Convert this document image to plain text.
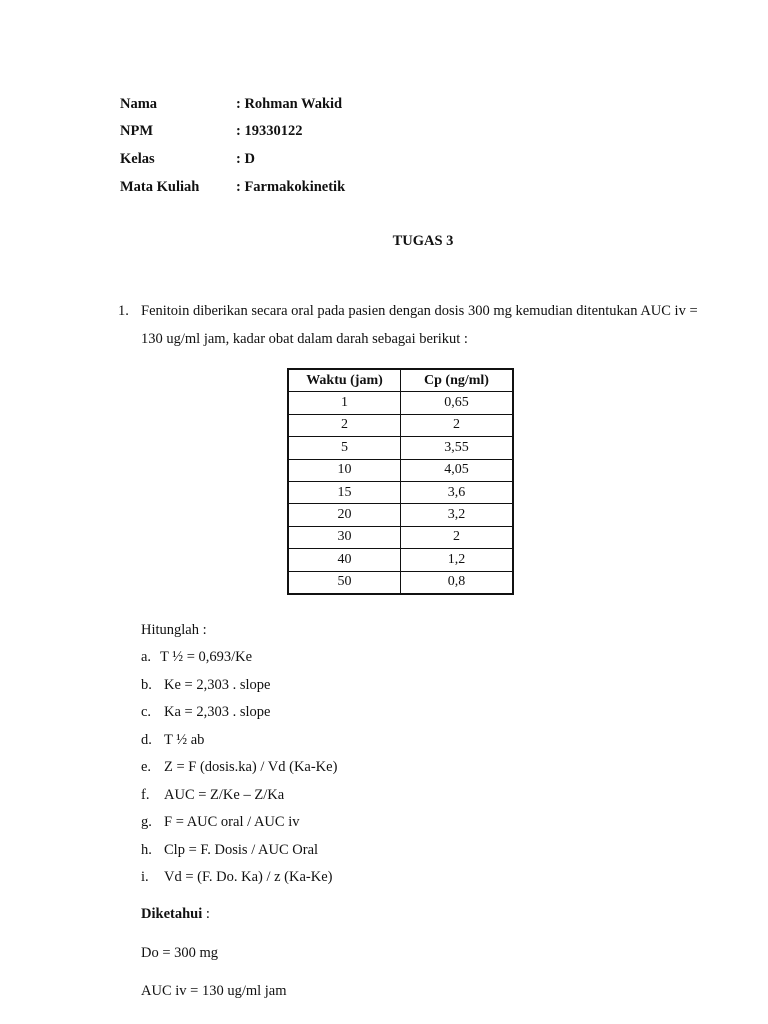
Nama	: Rohman Wakid
NPM	: 19330122
Kelas	: D
Mata Kuliah	: Farmakokinetik
TUGAS 3
1. Fenitoin diberikan secara oral pada pasien dengan dosis 300 mg kemudian ditentukan AUC iv =
130 ug/ml jam, kadar obat dalam darah sebagai berikut :
Waktu (jam)	Cp (ng/ml)
1	0,65
2	2
5	3,55
10	4,05
15	3,6
20	3,2
30	2
40	1,2
50	0,8
Hitunglah :
a. T ½ = 0,693/Ke
b. Ke = 2,303 . slope
c. Ka = 2,303 . slope
d. T ½ ab
e. Z = F (dosis.ka) / Vd (Ka-Ke)
f. AUC = Z/Ke – Z/Ka
g. F = AUC oral / AUC iv
h. Clp = F. Dosis / AUC Oral
i. Vd = (F. Do. Ka) / z (Ka-Ke)
Diketahui :
Do = 300 mg
AUC iv = 130 ug/ml jam
